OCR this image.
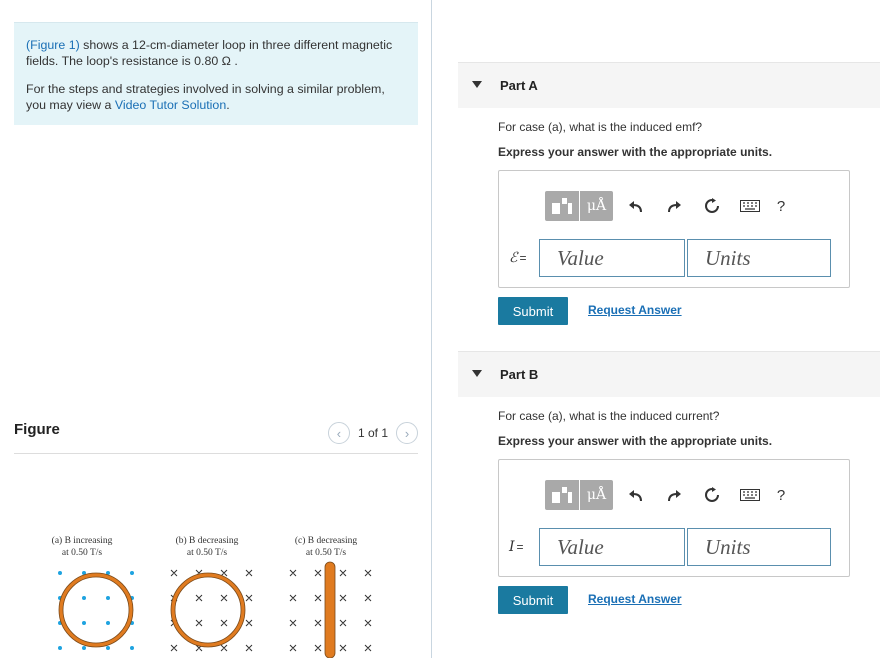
(Figure 1) shows a 12-cm-diameter loop in three different magnetic fields. The loop's resistance is 0.80 Ω .

For the steps and strategies involved in solving a similar problem, you may view a Video Tutor Solution.

Figure	‹ 1 of 1 ›
(a) B increasing
at 0.50 T/s
(b) B decreasing
at 0.50 T/s
(c) B decreasing
at 0.50 T/s
Part A
For case (a), what is the induced emf?
Express your answer with the appropriate units.
μÅ	?
ℰ =	Value	Units
Submit	Request Answer
Part B
For case (a), what is the induced current?
Express your answer with the appropriate units.
μÅ	?
I =	Value	Units
Submit	Request Answer
